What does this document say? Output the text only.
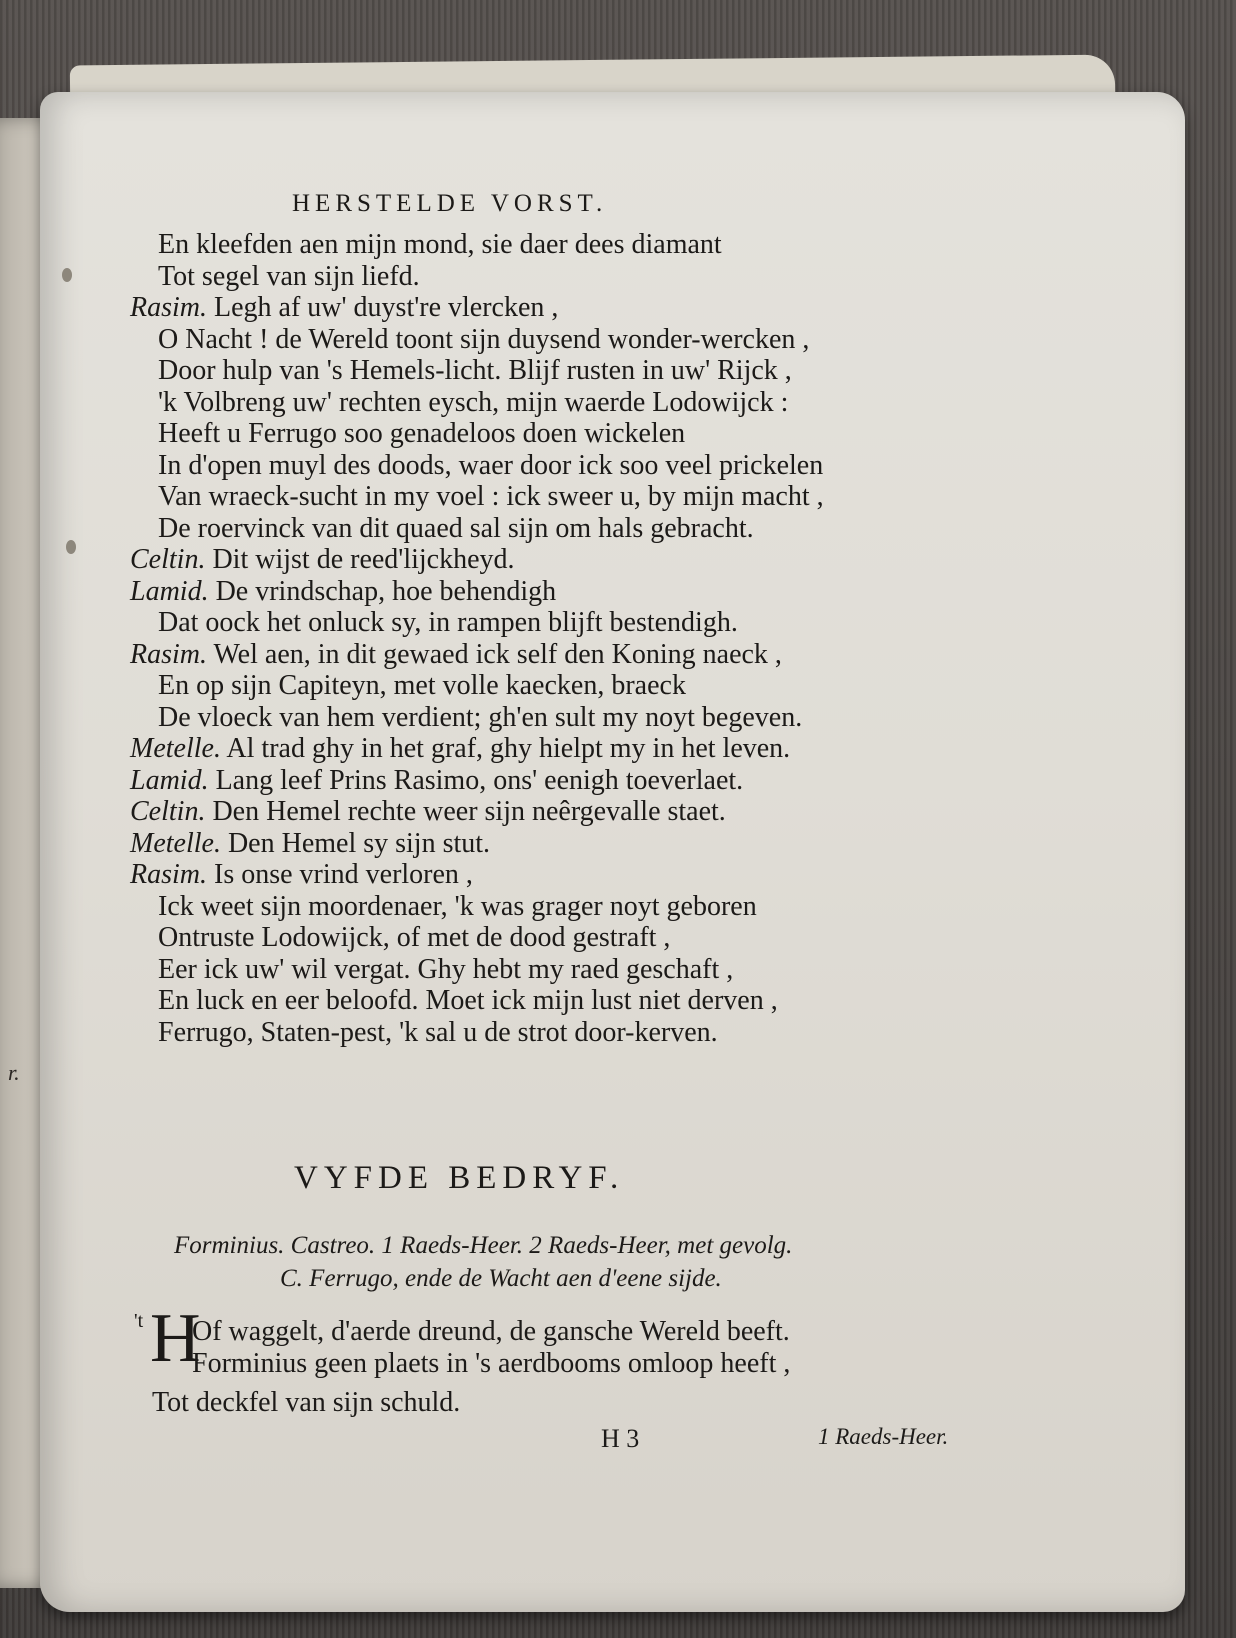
r.
HERSTELDE VORST.
En kleefden aen mijn mond, sie daer dees diamant
Tot segel van sijn liefd.
Rasim. Legh af uw' duyst're vlercken ,
O Nacht ! de Wereld toont sijn duysend wonder-wercken ,
Door hulp van 's Hemels-licht. Blijf rusten in uw' Rijck ,
'k Volbreng uw' rechten eysch, mijn waerde Lodowijck :
Heeft u Ferrugo soo genadeloos doen wickelen
In d'open muyl des doods, waer door ick soo veel prickelen
Van wraeck-sucht in my voel : ick sweer u, by mijn macht ,
De roervinck van dit quaed sal sijn om hals gebracht.
Celtin. Dit wijst de reed'lijckheyd.
Lamid. De vrindschap, hoe behendigh
Dat oock het onluck sy, in rampen blijft bestendigh.
Rasim. Wel aen, in dit gewaed ick self den Koning naeck ,
En op sijn Capiteyn, met volle kaecken, braeck
De vloeck van hem verdient; gh'en sult my noyt begeven.
Metelle. Al trad ghy in het graf, ghy hielpt my in het leven.
Lamid. Lang leef Prins Rasimo, ons' eenigh toeverlaet.
Celtin. Den Hemel rechte weer sijn neêrgevalle staet.
Metelle. Den Hemel sy sijn stut.
Rasim. Is onse vrind verloren ,
Ick weet sijn moordenaer, 'k was grager noyt geboren
Ontruste Lodowijck, of met de dood gestraft ,
Eer ick uw' wil vergat. Ghy hebt my raed geschaft ,
En luck en eer beloofd. Moet ick mijn lust niet derven ,
Ferrugo, Staten-pest, 'k sal u de strot door-kerven.
VYFDE BEDRYF.
Forminius. Castreo. 1 Raeds-Heer. 2 Raeds-Heer, met gevolg.
C. Ferrugo, ende de Wacht aen d'eene sijde.
't H
Of waggelt, d'aerde dreund, de gansche Wereld beeft.
Forminius geen plaets in 's aerdbooms omloop heeft ,
Tot deckfel van sijn schuld.
H 3	1 Raeds-Heer.
